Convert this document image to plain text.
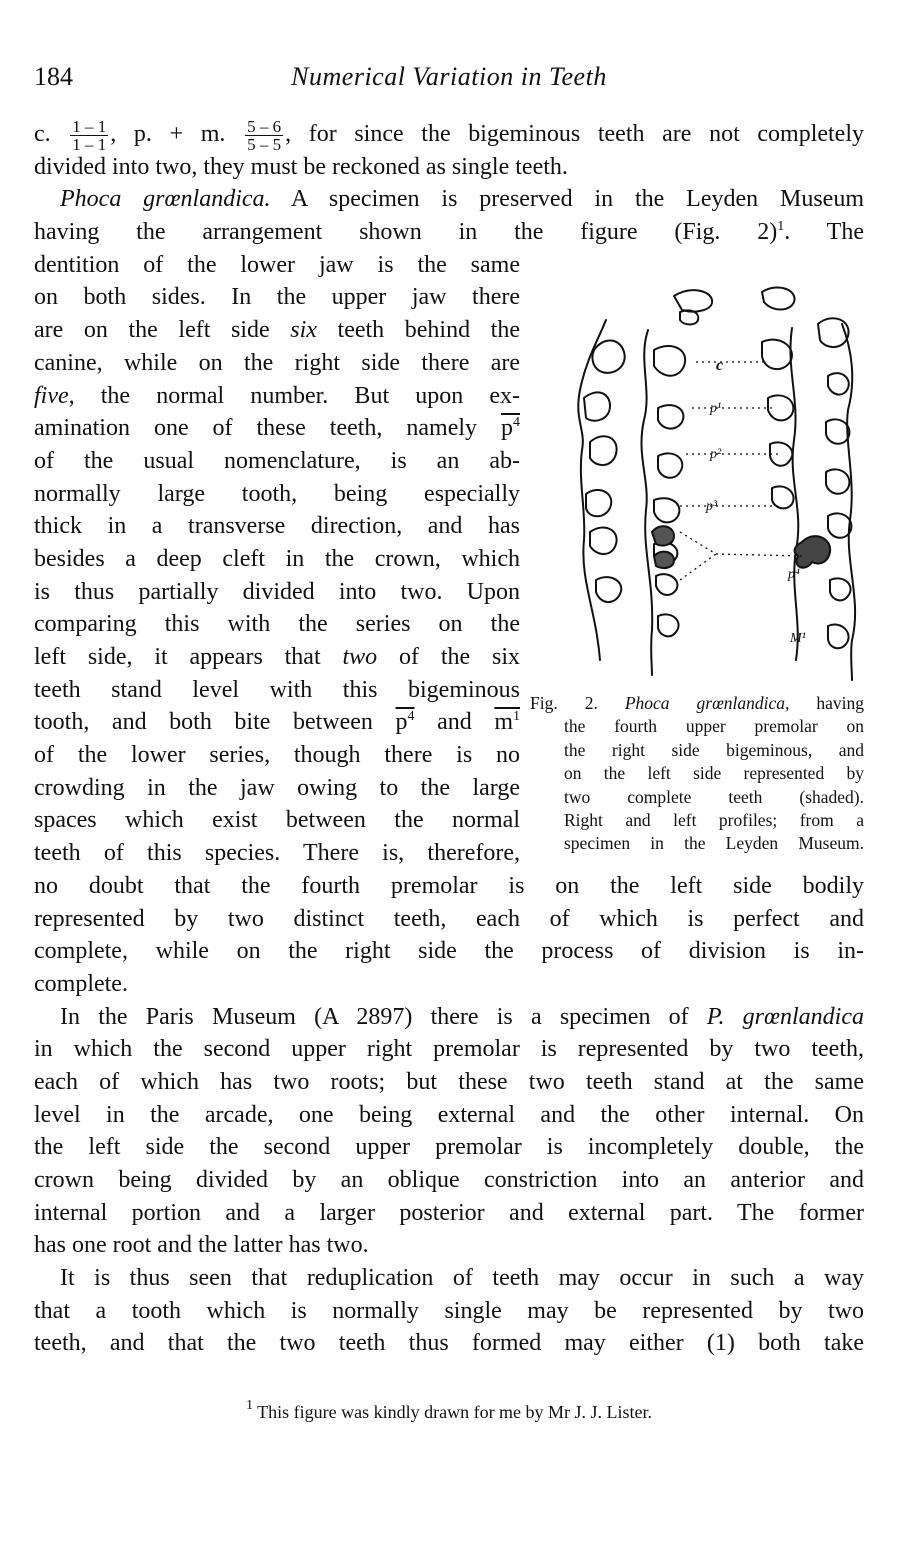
184	Numerical Variation in Teeth
c. $\frac{1 - 1}{1 - 1}$ , p. + m. $\frac{5 - 6}{5 - 5}$ , for since the bigeminous teeth are not completely
divided into two, they must be reckoned as single teeth.
Phoca grœnlandica. A specimen is preserved in the Leyden Museum
having the arrangement shown in the figure (Fig. 2)$^1$. The
dentition of the lower jaw is the same
on both sides. In the upper jaw there
are on the left side six teeth behind the
canine, while on the right side there are
five, the normal number. But upon ex-
amination one of these teeth, namely $p^4$
of the usual nomenclature, is an ab-
normally large tooth, being especially
thick in a transverse direction, and has
besides a deep cleft in the crown, which
is thus partially divided into two. Upon
comparing this with the series on the
left side, it appears that two of the six
teeth stand level with this bigeminous
tooth, and both bite between $p^4$ and $m^1$
of the lower series, though there is no
crowding in the jaw owing to the large
spaces which exist between the normal
teeth of this species. There is, therefore,
no doubt that the fourth premolar is on the left side bodily
represented by two distinct teeth, each of which is perfect and
complete, while on the right side the process of division is in-
complete.
In the Paris Museum (A 2897) there is a specimen of P. grœnlandica
in which the second upper right premolar is represented by two teeth,
each of which has two roots; but these two teeth stand at the same
level in the arcade, one being external and the other internal. On
the left side the second upper premolar is incompletely double, the
crown being divided by an oblique constriction into an anterior and
internal portion and a larger posterior and external part. The former
has one root and the latter has two.
It is thus seen that reduplication of teeth may occur in such a way
that a tooth which is normally single may be represented by two
teeth, and that the two teeth thus formed may either (1) both take
c
p¹
p²
p³
p⁴
M¹
Fig. 2. Phoca grœnlandica, having
the fourth upper premolar on
the right side bigeminous, and
on the left side represented by
two complete teeth (shaded).
Right and left profiles; from a
specimen in the Leyden Museum.
$^1$ This figure was kindly drawn for me by Mr J. J. Lister.
